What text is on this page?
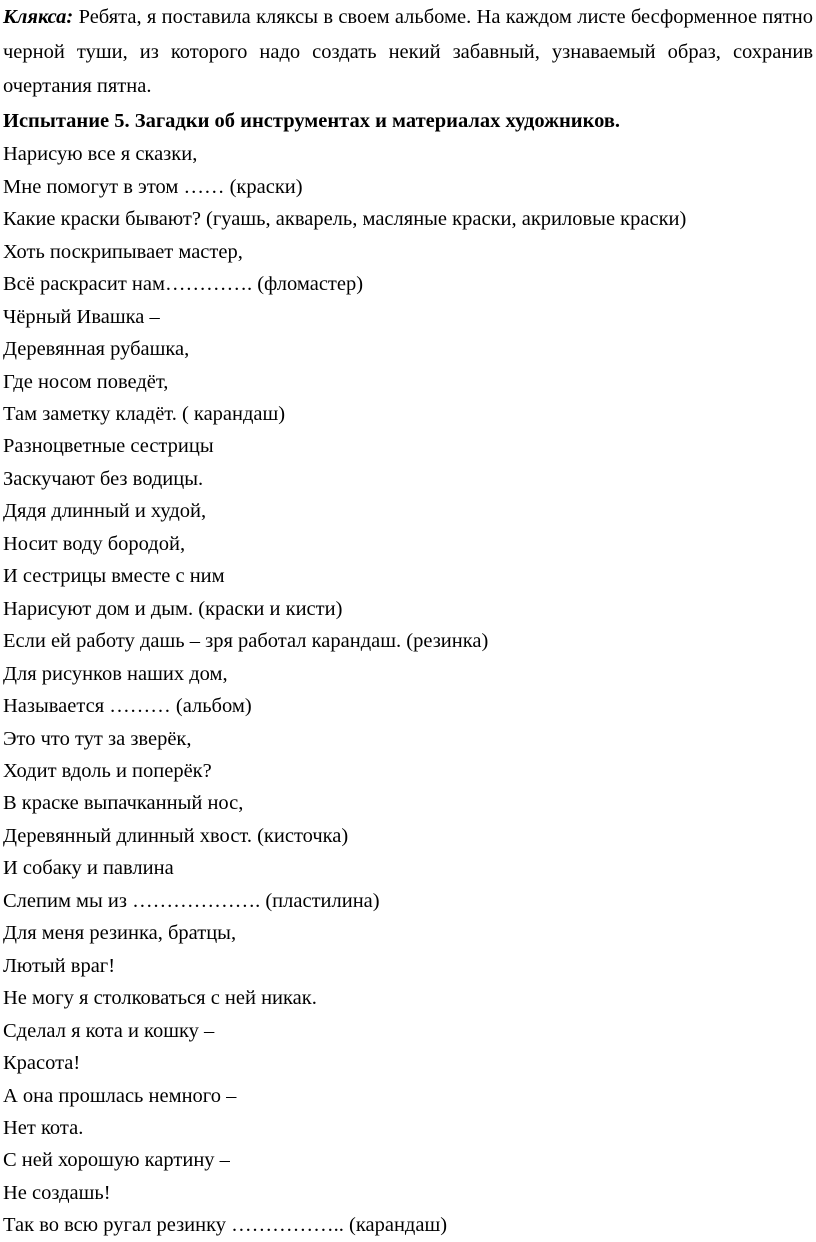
Клякса: Ребята, я поставила кляксы в своем альбоме. На каждом листе бесформенное пятно черной туши, из которого надо создать некий забавный, узнаваемый образ, сохранив очертания пятна.

Испытание 5. Загадки об инструментах и материалах художников.

Нарисую все я сказки,
Мне помогут в этом …… (краски)
Какие краски бывают? (гуашь, акварель, масляные краски, акриловые краски)
Хоть поскрипывает мастер,
Всё раскрасит нам…………. (фломастер)
Чёрный Ивашка –
Деревянная рубашка,
Где носом поведёт,
Там заметку кладёт. ( карандаш)
Разноцветные сестрицы
Заскучают без водицы.
Дядя длинный и худой,
Носит воду бородой,
И сестрицы вместе с ним
Нарисуют дом и дым. (краски и кисти)
Если ей работу дашь – зря работал карандаш. (резинка)
Для рисунков наших дом,
Называется ……… (альбом)
Это что тут за зверёк,
Ходит вдоль и поперёк?
В краске выпачканный нос,
Деревянный длинный хвост. (кисточка)
И собаку и павлина
Слепим мы из ………………. (пластилина)
Для меня резинка, братцы,
Лютый враг!
Не могу я столковаться с ней никак.
Сделал я кота и кошку –
Красота!
А она прошлась немного –
Нет кота.
С ней хорошую картину –
Не создашь!
Так во всю ругал резинку …………….. (карандаш)
